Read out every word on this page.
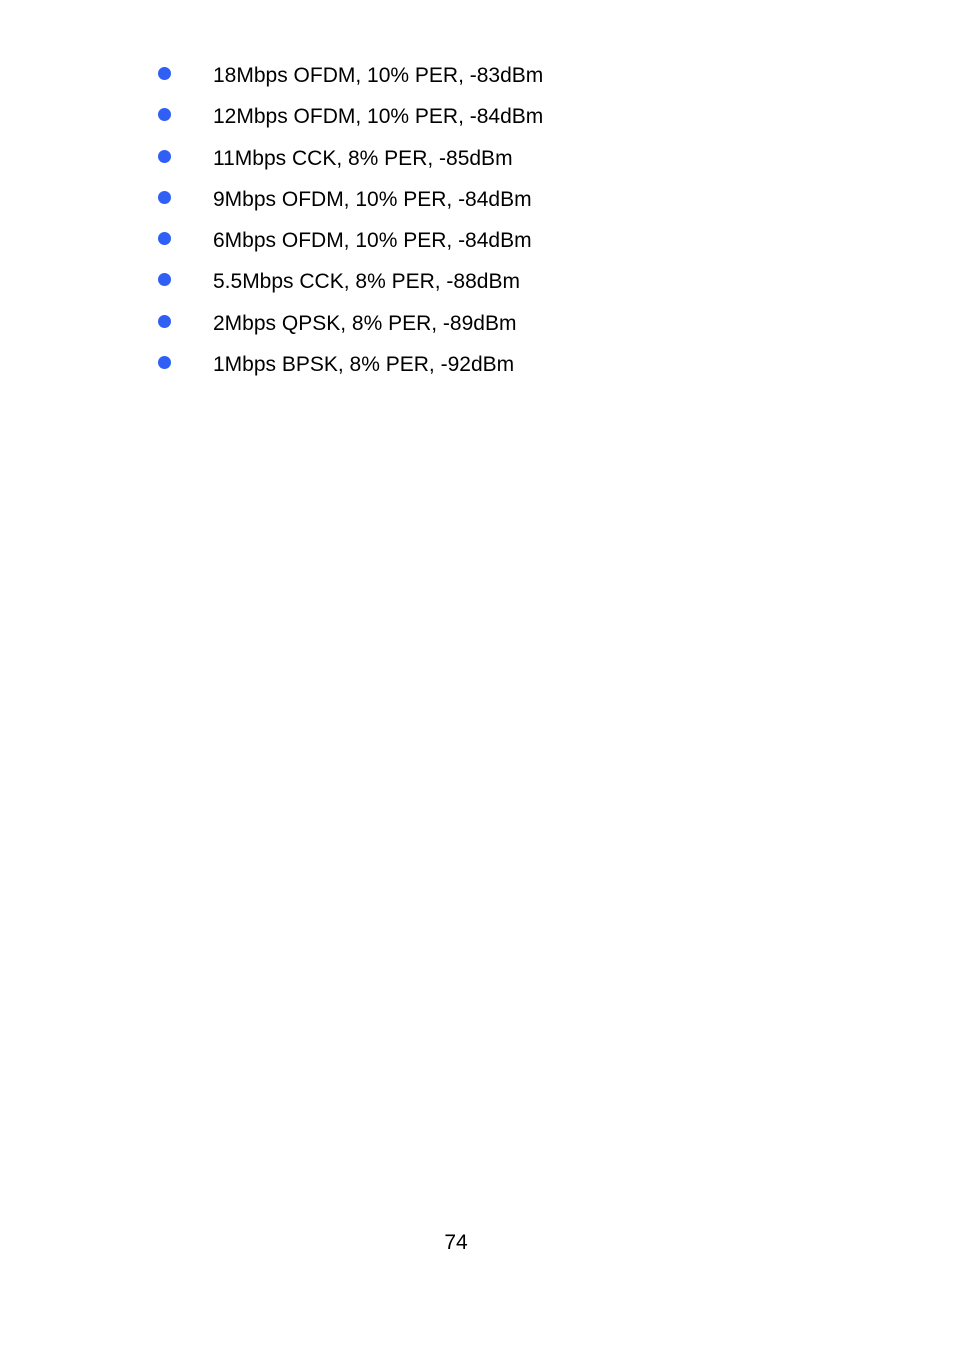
18Mbps OFDM, 10% PER, -83dBm
12Mbps OFDM, 10% PER, -84dBm
11Mbps CCK, 8% PER, -85dBm
9Mbps OFDM, 10% PER, -84dBm
6Mbps OFDM, 10% PER, -84dBm
5.5Mbps CCK, 8% PER, -88dBm
2Mbps QPSK, 8% PER, -89dBm
1Mbps BPSK, 8% PER, -92dBm
74
